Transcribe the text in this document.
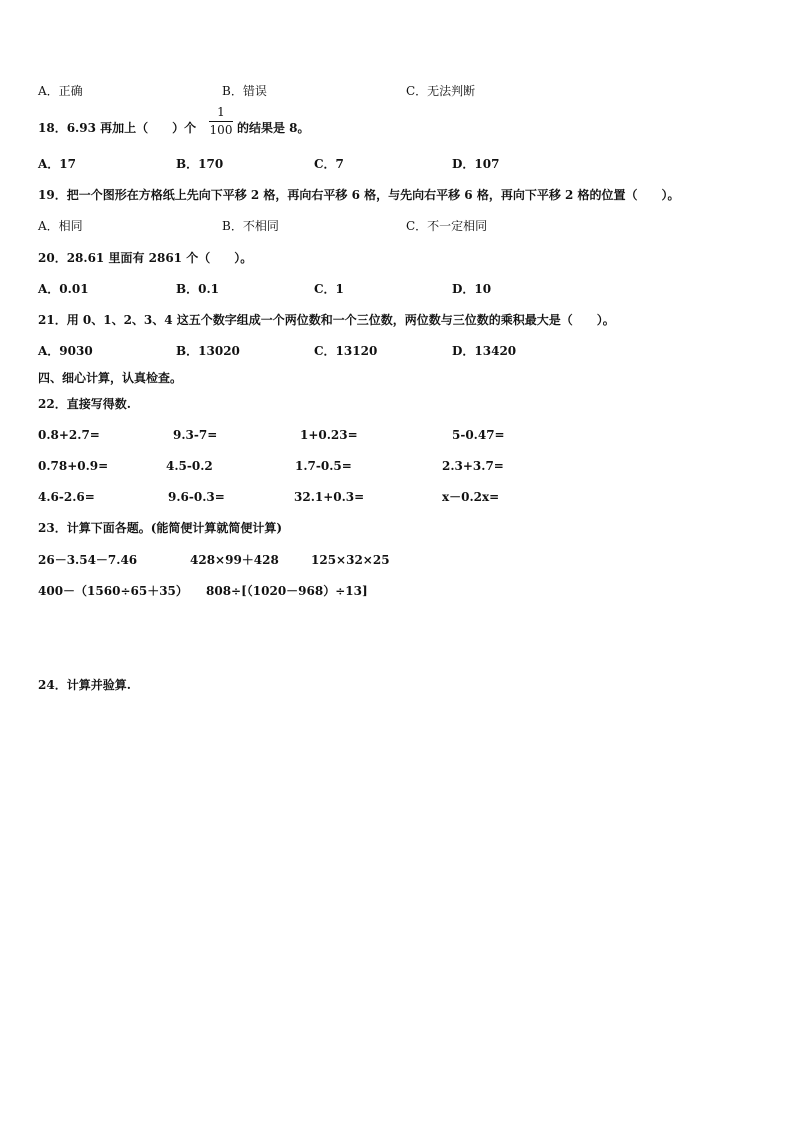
A．正确	B．错误	C．无法判断
18．6.93 再加上（　　）个
1
100 的结果是 8。
A．17	B．170	C．7	D．107
19．把一个图形在方格纸上先向下平移 2 格，再向右平移 6 格，与先向右平移 6 格，再向下平移 2 格的位置（　　）。
A．相同	B．不相同	C．不一定相同
20．28.61 里面有 2861 个（　　）。
A．0.01	B．0.1	C．1	D．10
21．用 0、1、2、3、4 这五个数字组成一个两位数和一个三位数，两位数与三位数的乘积最大是（　　）。
A．9030	B．13020	C．13120	D．13420
四、细心计算，认真检查。
22．直接写得数.
0.8+2.7=	9.3-7=	1+0.23=	5-0.47=
0.78+0.9=	4.5-0.2	1.7-0.5=	2.3+3.7=
4.6-2.6=	9.6-0.3=	32.1+0.3=	x－0.2x=
23．计算下面各题。(能简便计算就简便计算)
26－3.54－7.46	428×99＋428	125×32×25
400－（1560÷65＋35） 808÷[（1020－968）÷13]
24．计算并验算.
